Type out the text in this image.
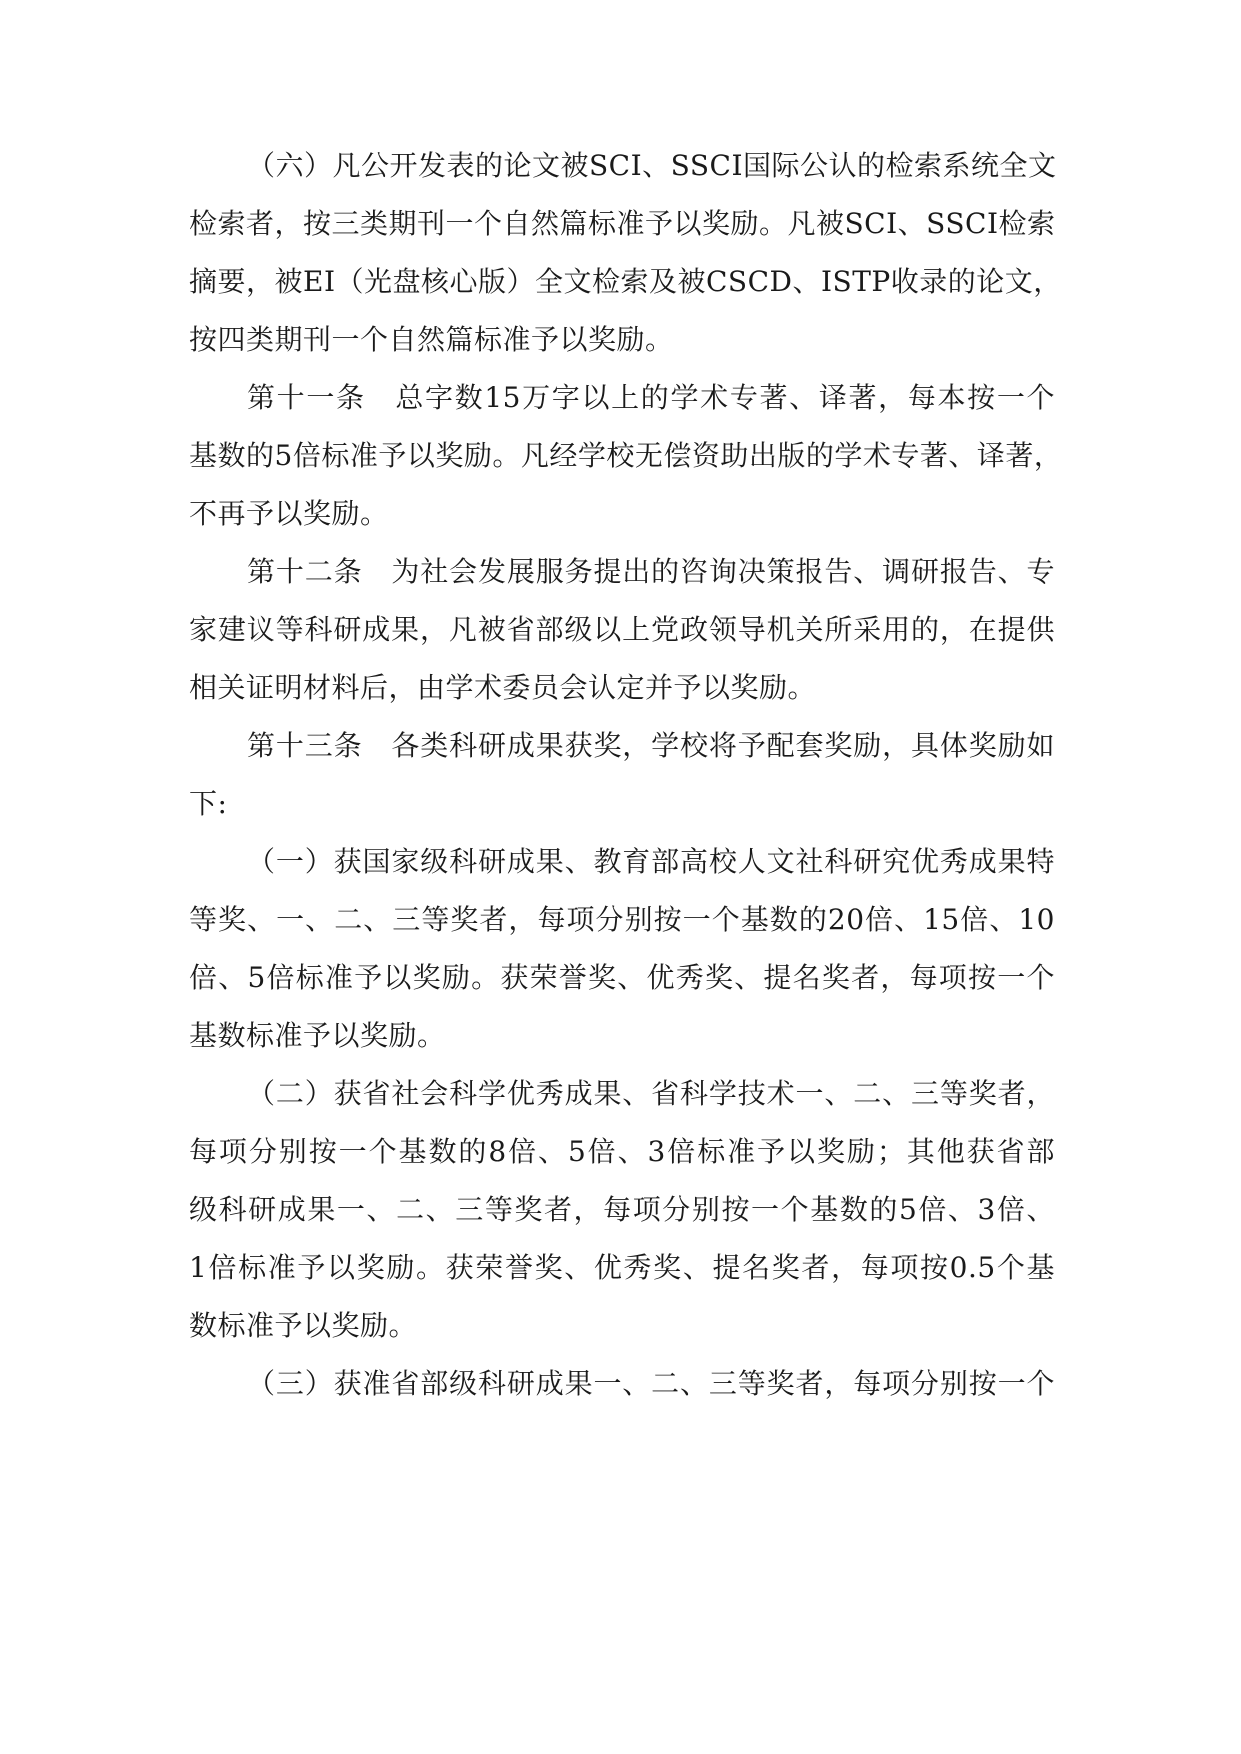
（六）凡公开发表的论文被SCI、SSCI国际公认的检索系统全文
检索者，按三类期刊一个自然篇标准予以奖励。凡被SCI、SSCI检索
摘要，被EI（光盘核心版）全文检索及被CSCD、ISTP收录的论文，
按四类期刊一个自然篇标准予以奖励。
第十一条　总字数15万字以上的学术专著、译著，每本按一个
基数的5倍标准予以奖励。凡经学校无偿资助出版的学术专著、译著，
不再予以奖励。
第十二条　为社会发展服务提出的咨询决策报告、调研报告、专
家建议等科研成果，凡被省部级以上党政领导机关所采用的，在提供
相关证明材料后，由学术委员会认定并予以奖励。
第十三条　各类科研成果获奖，学校将予配套奖励，具体奖励如
下:
（一）获国家级科研成果、教育部高校人文社科研究优秀成果特
等奖、一、二、三等奖者，每项分别按一个基数的20倍、15倍、10
倍、5倍标准予以奖励。获荣誉奖、优秀奖、提名奖者，每项按一个
基数标准予以奖励。
（二）获省社会科学优秀成果、省科学技术一、二、三等奖者，
每项分别按一个基数的8倍、5倍、3倍标准予以奖励；其他获省部
级科研成果一、二、三等奖者，每项分别按一个基数的5倍、3倍、
1倍标准予以奖励。获荣誉奖、优秀奖、提名奖者，每项按0.5个基
数标准予以奖励。
（三）获准省部级科研成果一、二、三等奖者，每项分别按一个
